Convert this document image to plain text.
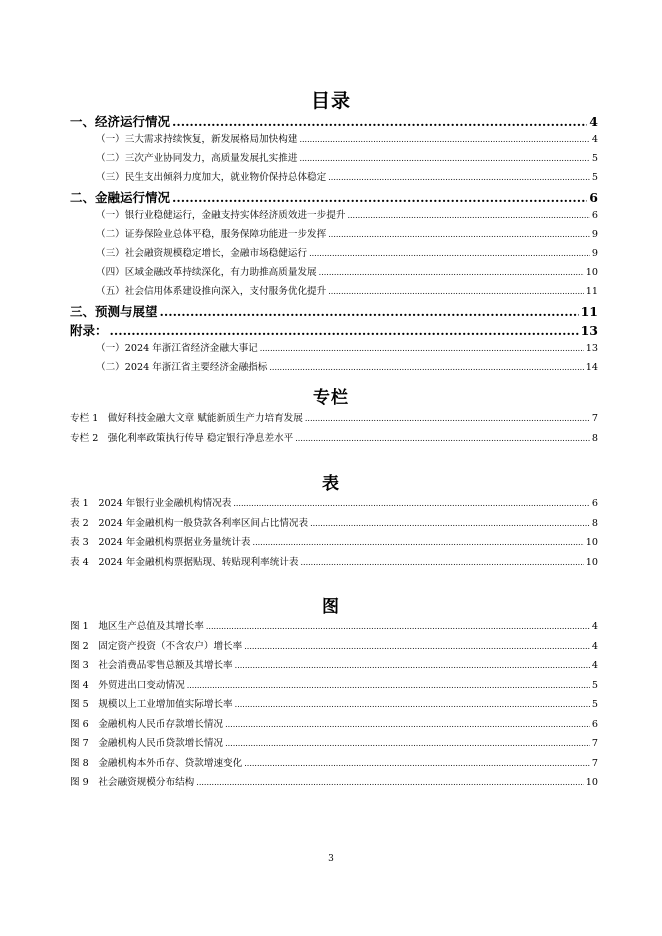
目录
一、经济运行情况 .....	4
（一）三大需求持续恢复，新发展格局加快构建 .....	4
（二）三次产业协同发力，高质量发展扎实推进 .....	5
（三）民生支出倾斜力度加大，就业物价保持总体稳定 .....	5
二、金融运行情况 .....	6
（一）银行业稳健运行，金融支持实体经济质效进一步提升 .....	6
（二）证券保险业总体平稳，服务保障功能进一步发挥 .....	9
（三）社会融资规模稳定增长，金融市场稳健运行 .....	9
（四）区域金融改革持续深化，有力助推高质量发展 .....	10
（五）社会信用体系建设推向深入，支付服务优化提升 .....	11
三、预测与展望 .....	11
附录： .....	13
（一）2024 年浙江省经济金融大事记 .....	13
（二）2024 年浙江省主要经济金融指标 .....	14
专栏
专栏 1　做好科技金融大文章 赋能新质生产力培育发展 .....	7
专栏 2　强化利率政策执行传导 稳定银行净息差水平 .....	8
表
表 1　2024 年银行业金融机构情况表 .....	6
表 2　2024 年金融机构一般贷款各利率区间占比情况表 .....	8
表 3　2024 年金融机构票据业务量统计表 .....	10
表 4　2024 年金融机构票据贴现、转贴现利率统计表 .....	10
图
图 1　地区生产总值及其增长率 .....	4
图 2　固定资产投资（不含农户）增长率 .....	4
图 3　社会消费品零售总额及其增长率 .....	4
图 4　外贸进出口变动情况 .....	5
图 5　规模以上工业增加值实际增长率 .....	5
图 6　金融机构人民币存款增长情况 .....	6
图 7　金融机构人民币贷款增长情况 .....	7
图 8　金融机构本外币存、贷款增速变化 .....	7
图 9　社会融资规模分布结构 .....	10
3
